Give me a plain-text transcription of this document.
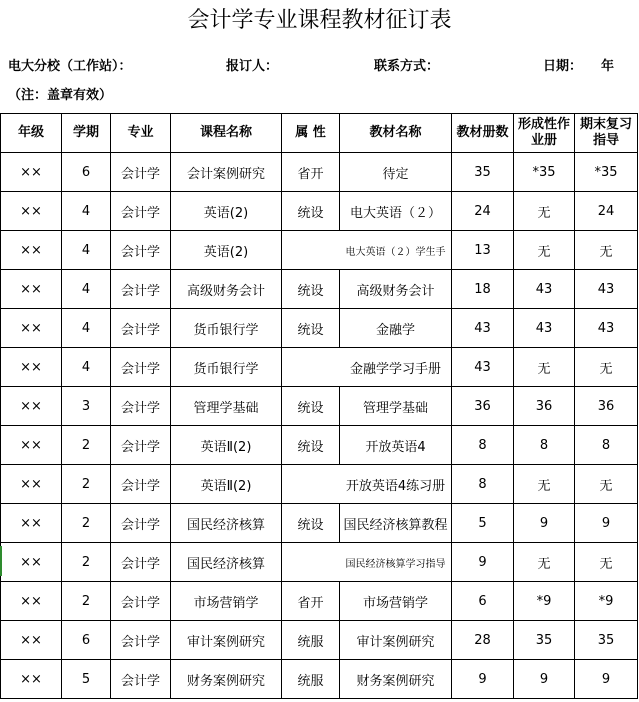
会计学专业课程教材征订表
电大分校（工作站）：	报订人：	联系方式：	日期： 年
（注：盖章有效）
年级	学期	专业	课程名称	属 性	教材名称	教材册数	形成性作业册	期末复习指导
××	6	会计学	会计案例研究	省开	待定	35	*35	*35
××	4	会计学	英语(2)	统设	电大英语（２）	24	无	24
××	4	会计学	英语(2)		电大英语（２）学生手	13	无	无
××	4	会计学	高级财务会计	统设	高级财务会计	18	43	43
××	4	会计学	货币银行学	统设	金融学	43	43	43
××	4	会计学	货币银行学		金融学学习手册	43	无	无
××	3	会计学	管理学基础	统设	管理学基础	36	36	36
××	2	会计学	英语Ⅱ(2)	统设	开放英语4	8	8	8
××	2	会计学	英语Ⅱ(2)		开放英语4练习册	8	无	无
××	2	会计学	国民经济核算	统设	国民经济核算教程	5	9	9
××	2	会计学	国民经济核算		国民经济核算学习指导	9	无	无
××	2	会计学	市场营销学	省开	市场营销学	6	*9	*9
××	6	会计学	审计案例研究	统服	审计案例研究	28	35	35
××	5	会计学	财务案例研究	统服	财务案例研究	9	9	9
